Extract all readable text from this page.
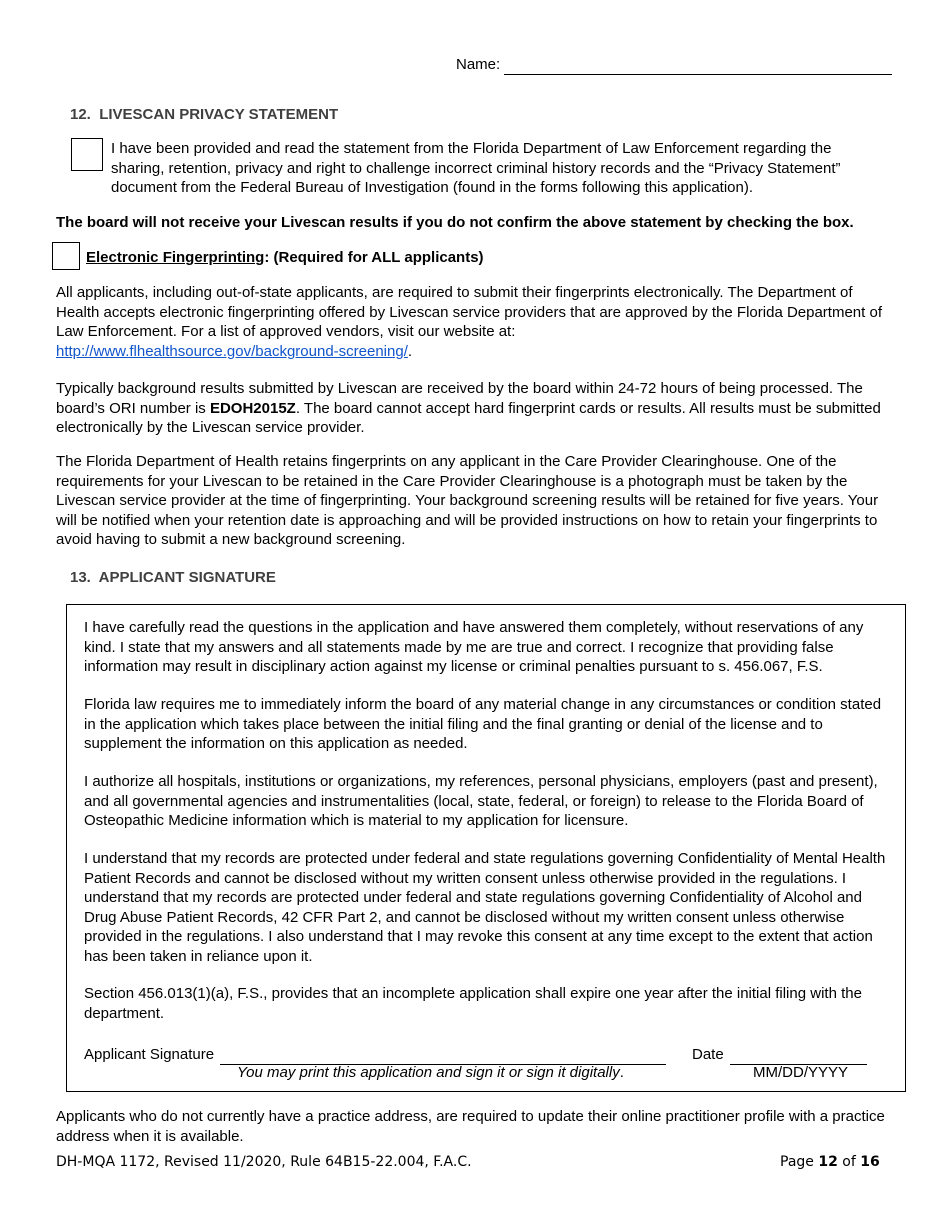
Name:
12. LIVESCAN PRIVACY STATEMENT
I have been provided and read the statement from the Florida Department of Law Enforcement regarding the sharing, retention, privacy and right to challenge incorrect criminal history records and the “Privacy Statement” document from the Federal Bureau of Investigation (found in the forms following this application).
The board will not receive your Livescan results if you do not confirm the above statement by checking the box.
Electronic Fingerprinting: (Required for ALL applicants)
All applicants, including out-of-state applicants, are required to submit their fingerprints electronically. The Department of Health accepts electronic fingerprinting offered by Livescan service providers that are approved by the Florida Department of Law Enforcement. For a list of approved vendors, visit our website at:
http://www.flhealthsource.gov/background-screening/.
Typically background results submitted by Livescan are received by the board within 24-72 hours of being processed. The board’s ORI number is EDOH2015Z. The board cannot accept hard fingerprint cards or results. All results must be submitted electronically by the Livescan service provider.
The Florida Department of Health retains fingerprints on any applicant in the Care Provider Clearinghouse. One of the requirements for your Livescan to be retained in the Care Provider Clearinghouse is a photograph must be taken by the Livescan service provider at the time of fingerprinting. Your background screening results will be retained for five years. Your will be notified when your retention date is approaching and will be provided instructions on how to retain your fingerprints to avoid having to submit a new background screening.
13. APPLICANT SIGNATURE
I have carefully read the questions in the application and have answered them completely, without reservations of any kind. I state that my answers and all statements made by me are true and correct. I recognize that providing false information may result in disciplinary action against my license or criminal penalties pursuant to s. 456.067, F.S.
Florida law requires me to immediately inform the board of any material change in any circumstances or condition stated in the application which takes place between the initial filing and the final granting or denial of the license and to supplement the information on this application as needed.
I authorize all hospitals, institutions or organizations, my references, personal physicians, employers (past and present), and all governmental agencies and instrumentalities (local, state, federal, or foreign) to release to the Florida Board of Osteopathic Medicine information which is material to my application for licensure.
I understand that my records are protected under federal and state regulations governing Confidentiality of Mental Health Patient Records and cannot be disclosed without my written consent unless otherwise provided in the regulations. I understand that my records are protected under federal and state regulations governing Confidentiality of Alcohol and Drug Abuse Patient Records, 42 CFR Part 2, and cannot be disclosed without my written consent unless otherwise provided in the regulations. I also understand that I may revoke this consent at any time except to the extent that action has been taken in reliance upon it.
Section 456.013(1)(a), F.S., provides that an incomplete application shall expire one year after the initial filing with the department.
Applicant Signature	Date
You may print this application and sign it or sign it digitally.	MM/DD/YYYY
Applicants who do not currently have a practice address, are required to update their online practitioner profile with a practice address when it is available.
DH-MQA 1172, Revised 11/2020, Rule 64B15-22.004, F.A.C.	Page 12 of 16
